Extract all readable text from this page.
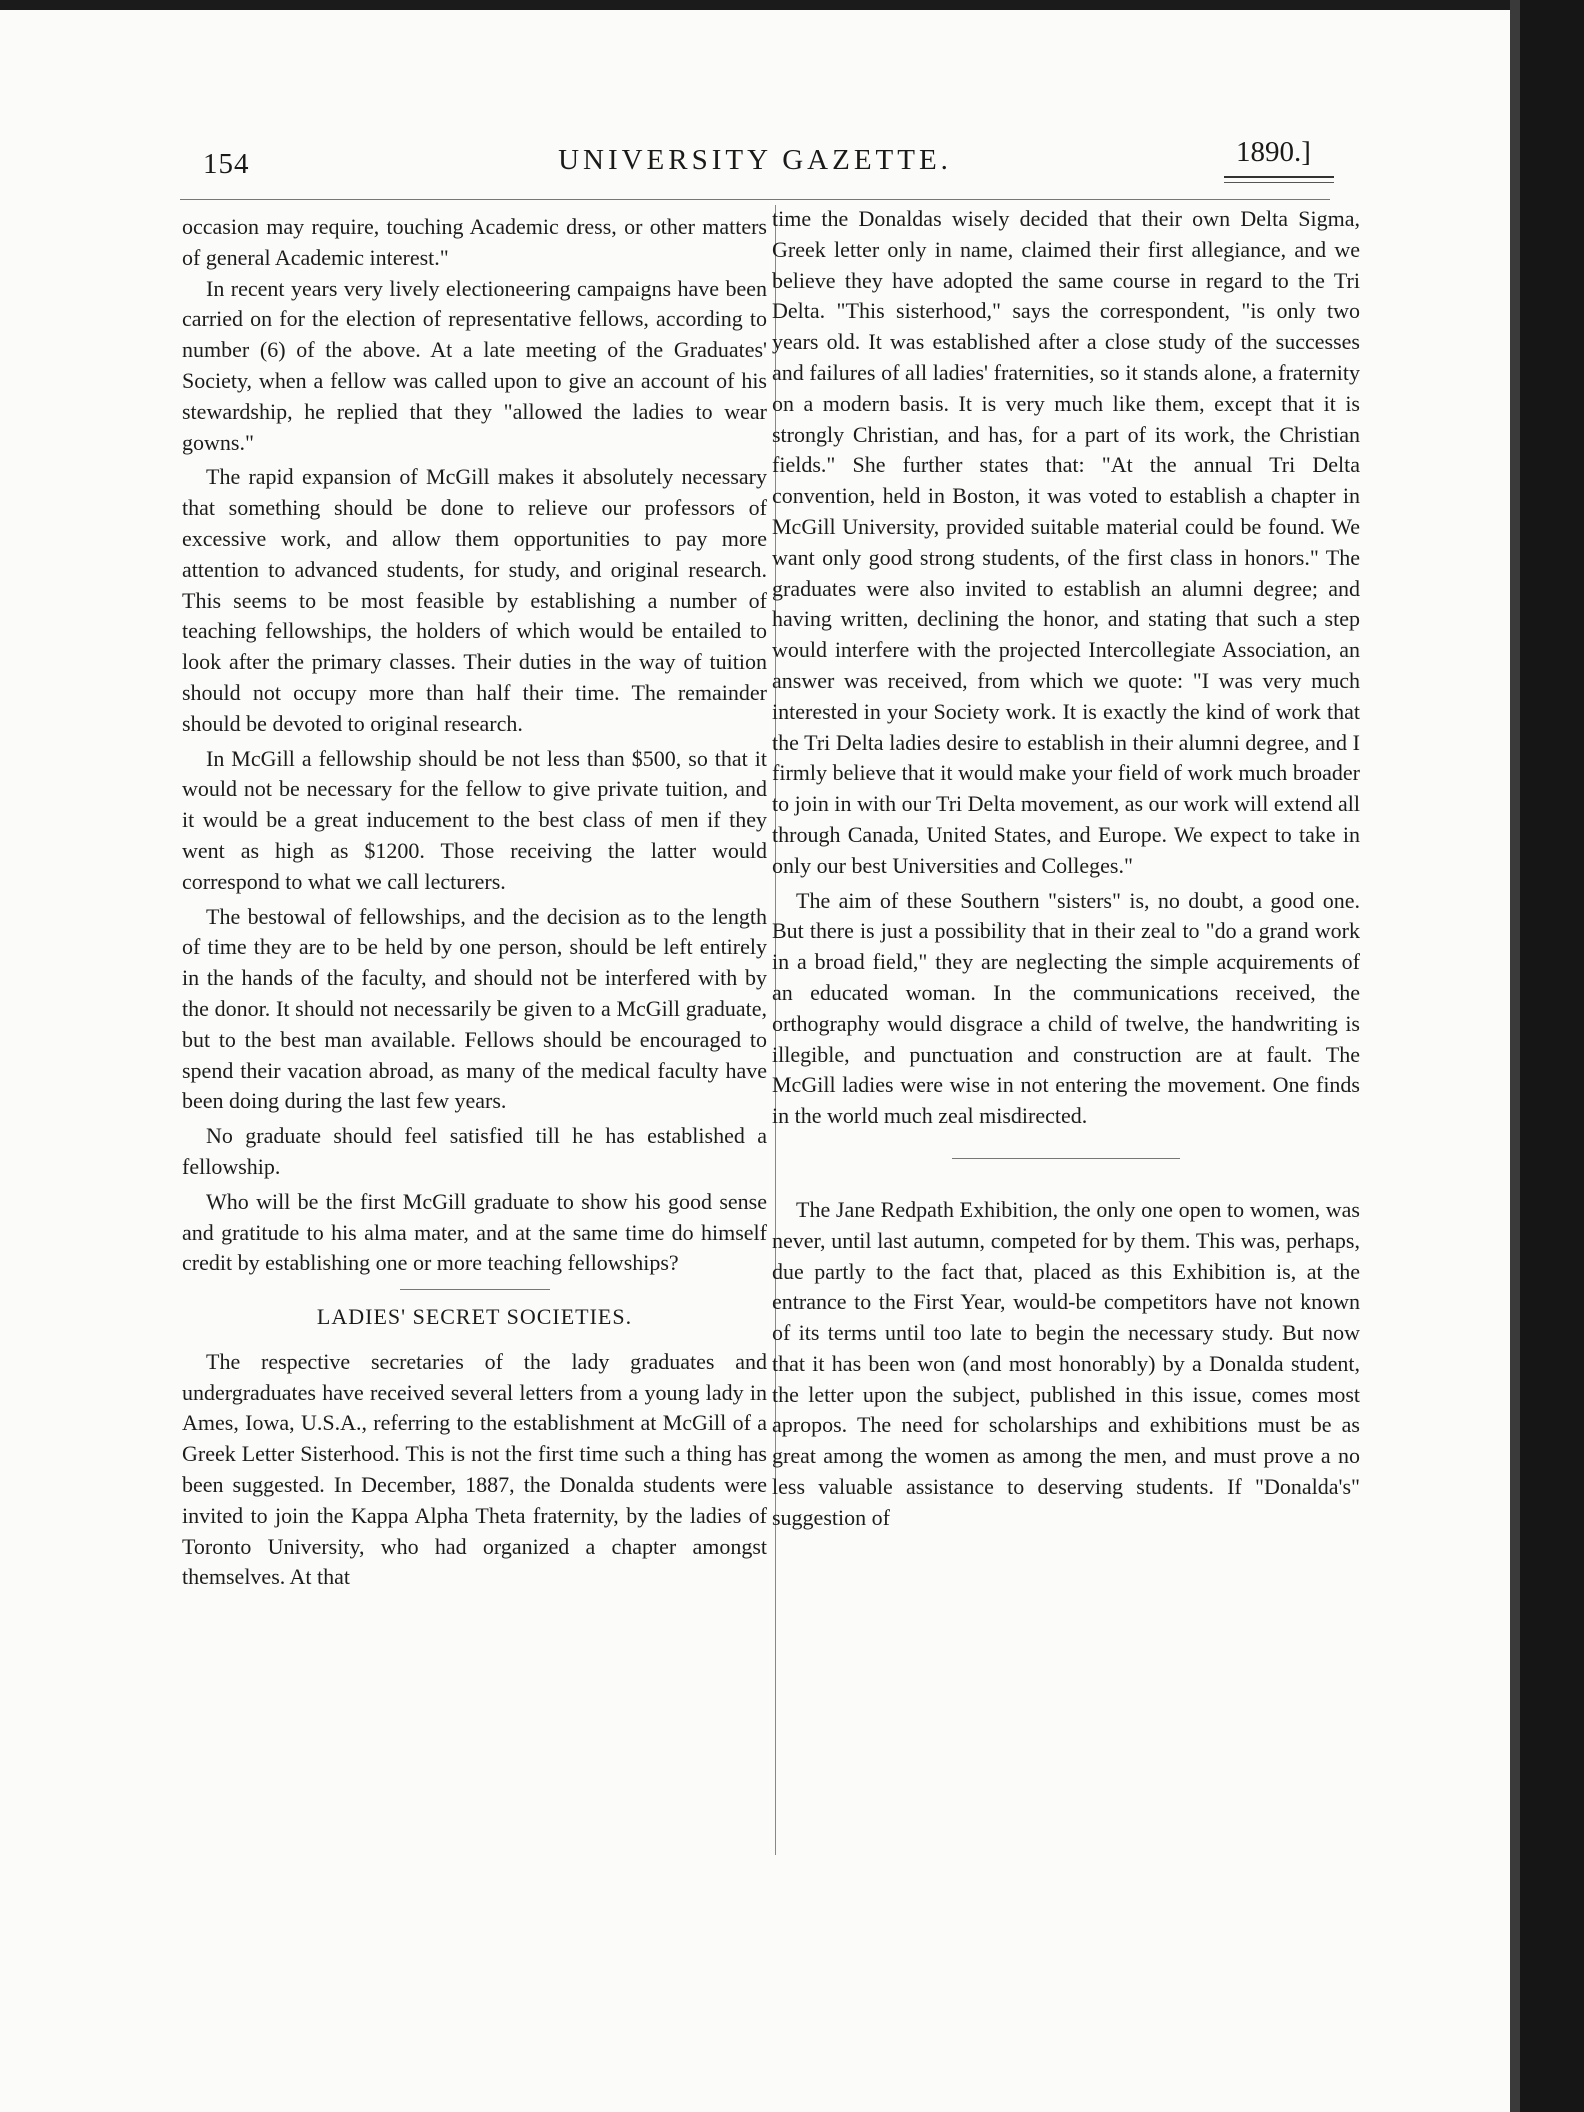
154	UNIVERSITY GAZETTE.	1890.]

occasion may require, touching Academic dress, or other matters of general Academic interest."

In recent years very lively electioneering campaigns have been carried on for the election of representative fellows, according to number (6) of the above. At a late meeting of the Graduates' Society, when a fellow was called upon to give an account of his stewardship, he replied that they "allowed the ladies to wear gowns."

The rapid expansion of McGill makes it absolutely necessary that something should be done to relieve our professors of excessive work, and allow them opportunities to pay more attention to advanced students, for study, and original research. This seems to be most feasible by establishing a number of teaching fellowships, the holders of which would be entailed to look after the primary classes. Their duties in the way of tuition should not occupy more than half their time. The remainder should be devoted to original research.

In McGill a fellowship should be not less than $500, so that it would not be necessary for the fellow to give private tuition, and it would be a great inducement to the best class of men if they went as high as $1200. Those receiving the latter would correspond to what we call lecturers.

The bestowal of fellowships, and the decision as to the length of time they are to be held by one person, should be left entirely in the hands of the faculty, and should not be interfered with by the donor. It should not necessarily be given to a McGill graduate, but to the best man available. Fellows should be encouraged to spend their vacation abroad, as many of the medical faculty have been doing during the last few years.

No graduate should feel satisfied till he has established a fellowship.

Who will be the first McGill graduate to show his good sense and gratitude to his alma mater, and at the same time do himself credit by establishing one or more teaching fellowships?

LADIES' SECRET SOCIETIES.

The respective secretaries of the lady graduates and undergraduates have received several letters from a young lady in Ames, Iowa, U.S.A., referring to the establishment at McGill of a Greek Letter Sisterhood. This is not the first time such a thing has been suggested. In December, 1887, the Donalda students were invited to join the Kappa Alpha Theta fraternity, by the ladies of Toronto University, who had organized a chapter amongst themselves. At that

time the Donaldas wisely decided that their own Delta Sigma, Greek letter only in name, claimed their first allegiance, and we believe they have adopted the same course in regard to the Tri Delta. "This sisterhood," says the correspondent, "is only two years old. It was established after a close study of the successes and failures of all ladies' fraternities, so it stands alone, a fraternity on a modern basis. It is very much like them, except that it is strongly Christian, and has, for a part of its work, the Christian fields." She further states that: "At the annual Tri Delta convention, held in Boston, it was voted to establish a chapter in McGill University, provided suitable material could be found. We want only good strong students, of the first class in honors." The graduates were also invited to establish an alumni degree; and having written, declining the honor, and stating that such a step would interfere with the projected Intercollegiate Association, an answer was received, from which we quote: "I was very much interested in your Society work. It is exactly the kind of work that the Tri Delta ladies desire to establish in their alumni degree, and I firmly believe that it would make your field of work much broader to join in with our Tri Delta movement, as our work will extend all through Canada, United States, and Europe. We expect to take in only our best Universities and Colleges."

The aim of these Southern "sisters" is, no doubt, a good one. But there is just a possibility that in their zeal to "do a grand work in a broad field," they are neglecting the simple acquirements of an educated woman. In the communications received, the orthography would disgrace a child of twelve, the handwriting is illegible, and punctuation and construction are at fault. The McGill ladies were wise in not entering the movement. One finds in the world much zeal misdirected.

The Jane Redpath Exhibition, the only one open to women, was never, until last autumn, competed for by them. This was, perhaps, due partly to the fact that, placed as this Exhibition is, at the entrance to the First Year, would-be competitors have not known of its terms until too late to begin the necessary study. But now that it has been won (and most honorably) by a Donalda student, the letter upon the subject, published in this issue, comes most apropos. The need for scholarships and exhibitions must be as great among the women as among the men, and must prove a no less valuable assistance to deserving students. If "Donalda's" suggestion of
